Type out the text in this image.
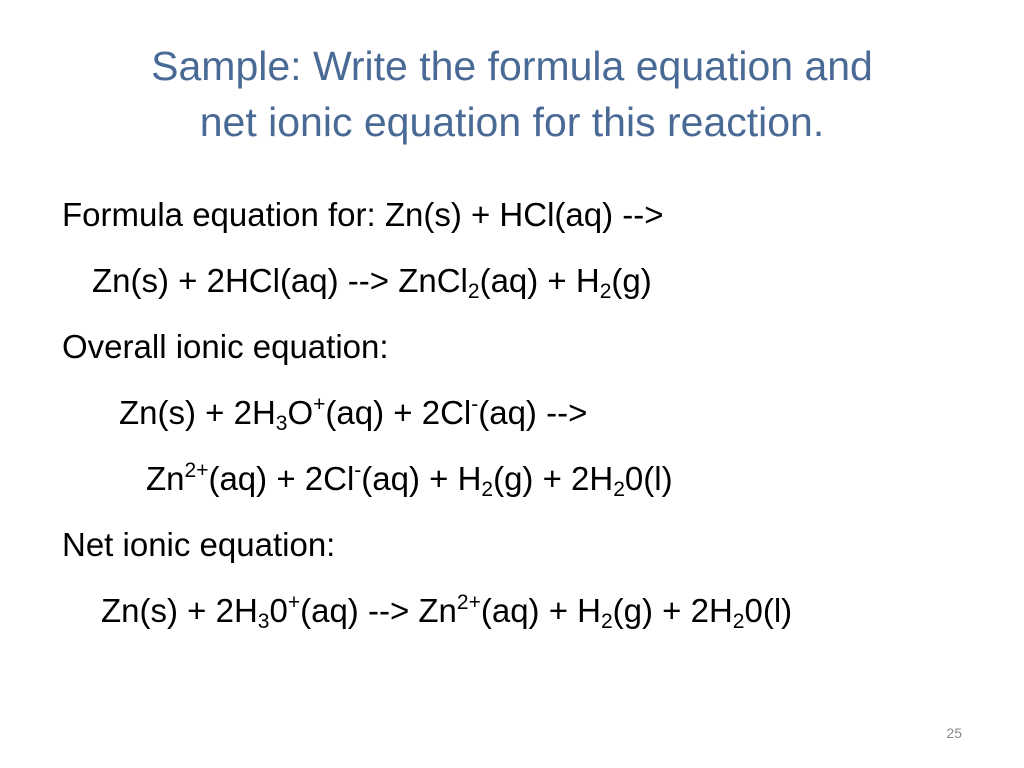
Sample: Write the formula equation and
net ionic equation for this reaction.
Formula equation for: Zn(s) + HCl(aq) -->
Zn(s) + 2HCl(aq) --> ZnCl$_2$(aq) + $H_2(g)$
Overall ionic equation:
$Zn(s) + 2H_3O^+(aq) + 2Cl^-(aq)$ -->
$Zn^{2+}(aq) + 2Cl^-(aq) + H_2(g) + 2H_20(l)$
Net ionic equation:
$Zn(s) + 2H_30^+(aq)$ --> $Zn^{2+}(aq) + H_2(g) + 2H_20(l)$
25
